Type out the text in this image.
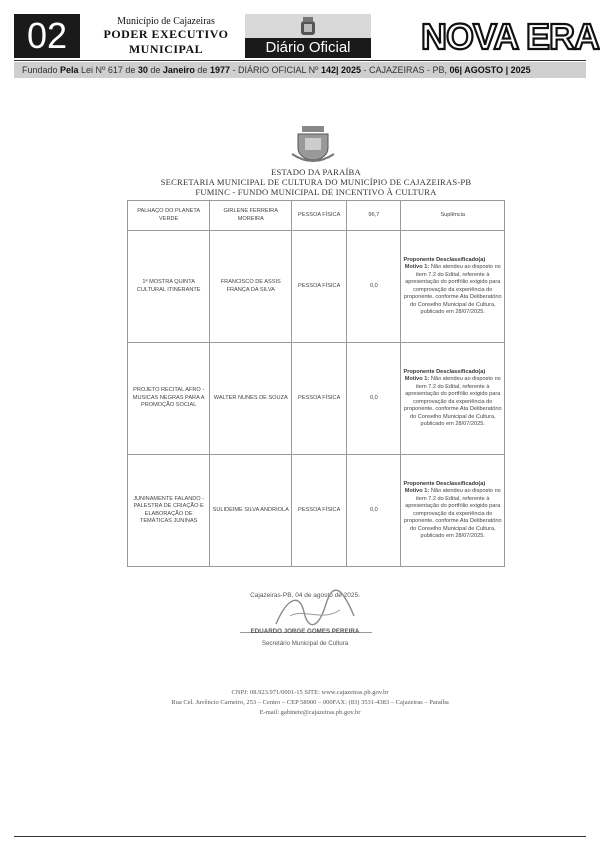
02	Município de Cajazeiras
PODER EXECUTIVO
MUNICIPAL	Diário Oficial	NOVA ERA
Fundado Pela Lei Nº 617 de 30 de Janeiro de 1977 - DIÁRIO OFICIAL Nº 142| 2025 - CAJAZEIRAS - PB, 06| AGOSTO | 2025
ESTADO DA PARAÍBA
SECRETARIA MUNICIPAL DE CULTURA DO MUNICÍPIO DE CAJAZEIRAS-PB
FUMINC - FUNDO MUNICIPAL DE INCENTIVO À CULTURA
PALHAÇO DO PLANETA VERDE	GIRLENE FERREIRA MOREIRA	PESSOA FÍSICA	96,7	Suplência
1ª MOSTRA QUINTA CULTURAL ITINERANTE	FRANCISCO DE ASSIS FRANÇA DA SILVA	PESSOA FÍSICA	0,0	Proponente Desclassificado(a)
Motivo 1: Não atendeu ao disposto no item 7.2 do Edital, referente à apresentação do portfólio exigido para comprovação da experiência do proponente, conforme Ata Deliberatório do Conselho Municipal de Cultura, publicado em 28/07/2025.
PROJETO RECITAL AFRO - MUSICAS NEGRAS PARA A PROMOÇÃO SOCIAL	WALTER NUNES DE SOUZA	PESSOA FÍSICA	0,0	Proponente Desclassificado(a)
Motivo 1: Não atendeu ao disposto no item 7.2 do Edital, referente à apresentação do portfólio exigido para comprovação da experiência do proponente, conforme Ata Deliberatório do Conselho Municipal de Cultura, publicado em 28/07/2025.
JUNINAMENTE FALANDO - PALESTRA DE CRIAÇÃO E ELABORAÇÃO DE TEMÁTICAS JUNINAS	SULIDEIME SILVA ANDRIOLA	PESSOA FÍSICA	0,0	Proponente Desclassificado(a)
Motivo 1: Não atendeu ao disposto no item 7.2 do Edital, referente à apresentação do portfólio exigido para comprovação da experiência do proponente, conforme Ata Deliberatório do Conselho Municipal de Cultura, publicado em 28/07/2025.
Cajazeiras-PB, 04 de agosto de 2025.
EDUARDO JORGE GOMES PEREIRA
Secretário Municipal de Cultura
CNPJ: 08.923.971/0001-15 SITE: www.cajazeiras.pb.gov.br
Rua Cel. Juvêncio Carneiro, 253 – Centro – CEP 58900 – 000FAX: (83) 3531-4383 – Cajazeiras – Paraíba
E-mail: gabinete@cajazeiras.pb.gov.br
